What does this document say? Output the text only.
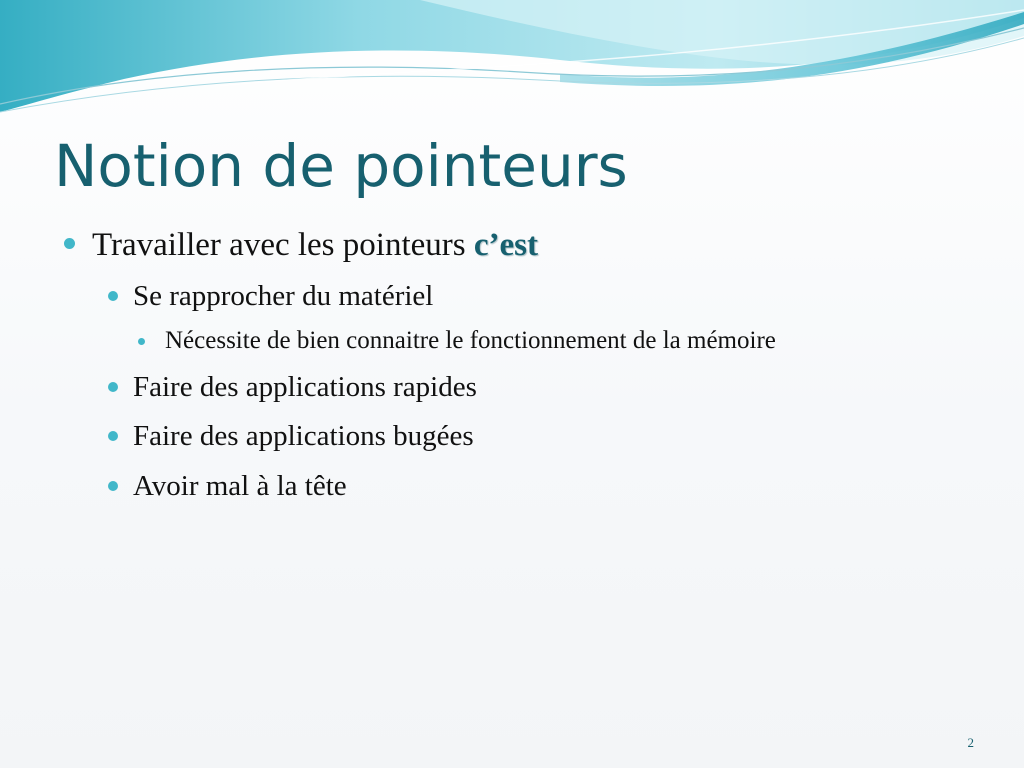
Notion de pointeurs
Travailler avec les pointeurs c’est
Se rapprocher du matériel
Nécessite de bien connaitre le fonctionnement de la mémoire
Faire des applications rapides
Faire des applications bugées
Avoir mal à la tête
2
